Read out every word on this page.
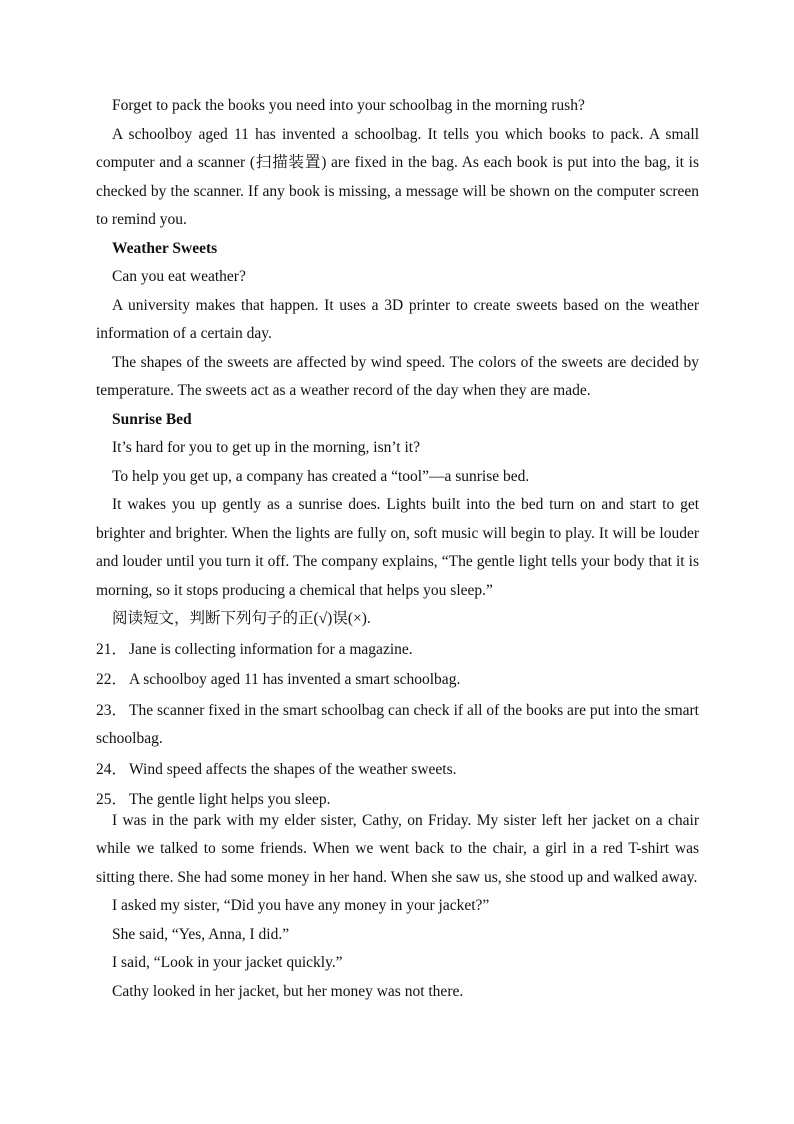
Forget to pack the books you need into your schoolbag in the morning rush?

A schoolboy aged 11 has invented a schoolbag. It tells you which books to pack. A small computer and a scanner (扫描装置) are fixed in the bag. As each book is put into the bag, it is checked by the scanner. If any book is missing, a message will be shown on the computer screen to remind you.

Weather Sweets

Can you eat weather?

A university makes that happen. It uses a 3D printer to create sweets based on the weather information of a certain day.

The shapes of the sweets are affected by wind speed. The colors of the sweets are decided by temperature. The sweets act as a weather record of the day when they are made.

Sunrise Bed

It’s hard for you to get up in the morning, isn’t it?

To help you get up, a company has created a “tool”—a sunrise bed.

It wakes you up gently as a sunrise does. Lights built into the bed turn on and start to get brighter and brighter. When the lights are fully on, soft music will begin to play. It will be louder and louder until you turn it off. The company explains, “The gentle light tells your body that it is morning, so it stops producing a chemical that helps you sleep.”

阅读短文，判断下列句子的正(√)误(×).

21． Jane is collecting information for a magazine.

22． A schoolboy aged 11 has invented a smart schoolbag.

23． The scanner fixed in the smart schoolbag can check if all of the books are put into the smart schoolbag.

24． Wind speed affects the shapes of the weather sweets.

25． The gentle light helps you sleep.

I was in the park with my elder sister, Cathy, on Friday. My sister left her jacket on a chair while we talked to some friends. When we went back to the chair, a girl in a red T-shirt was sitting there. She had some money in her hand. When she saw us, she stood up and walked away.

I asked my sister, “Did you have any money in your jacket?”

She said, “Yes, Anna, I did.”

I said, “Look in your jacket quickly.”

Cathy looked in her jacket, but her money was not there.
